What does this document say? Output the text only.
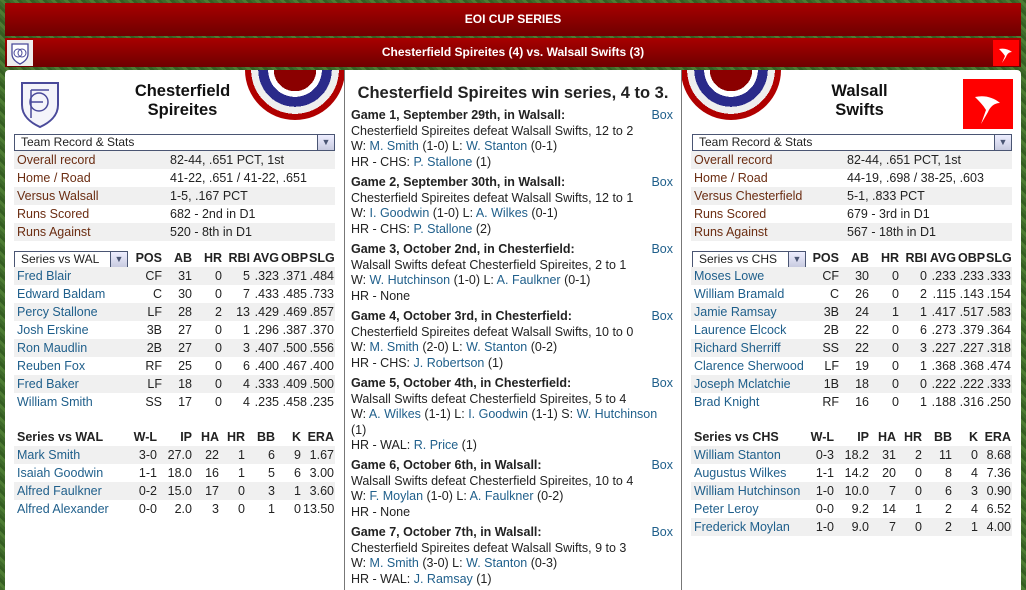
EOI CUP SERIES
Chesterfield Spireites (4) vs. Walsall Swifts (3)
Chesterfield
Spireites
Team Record & Stats	▼
Overall record	82-44, .651 PCT, 1st
Home / Road	41-22, .651 / 41-22, .651
Versus Walsall	1-5, .167 PCT
Runs Scored	682 - 2nd in D1
Runs Against	520 - 8th in D1
Series vs WAL	▼
	POS	AB	HR	RBI	AVG	OBP	SLG
Fred Blair	CF	31	0	5	.323	.371	.484
Edward Baldam	C	30	0	7	.433	.485	.733
Percy Stallone	LF	28	2	13	.429	.469	.857
Josh Erskine	3B	27	0	1	.296	.387	.370
Ron Maudlin	2B	27	0	3	.407	.500	.556
Reuben Fox	RF	25	0	6	.400	.467	.400
Fred Baker	LF	18	0	4	.333	.409	.500
William Smith	SS	17	0	4	.235	.458	.235
Series vs WAL	W-L	IP	HA	HR	BB	K	ERA
Mark Smith	3-0	27.0	22	1	6	9	1.67
Isaiah Goodwin	1-1	18.0	16	1	5	6	3.00
Alfred Faulkner	0-2	15.0	17	0	3	1	3.60
Alfred Alexander	0-0	2.0	3	0	1	0	13.50
Chesterfield Spireites win series, 4 to 3.
Game 1, September 29th, in Walsall:	Box
Chesterfield Spireites defeat Walsall Swifts, 12 to 2
W: M. Smith (1-0) L: W. Stanton (0-1)
HR - CHS: P. Stallone (1)
Game 2, September 30th, in Walsall:	Box
Chesterfield Spireites defeat Walsall Swifts, 12 to 1
W: I. Goodwin (1-0) L: A. Wilkes (0-1)
HR - CHS: P. Stallone (2)
Game 3, October 2nd, in Chesterfield:	Box
Walsall Swifts defeat Chesterfield Spireites, 2 to 1
W: W. Hutchinson (1-0) L: A. Faulkner (0-1)
HR - None
Game 4, October 3rd, in Chesterfield:	Box
Chesterfield Spireites defeat Walsall Swifts, 10 to 0
W: M. Smith (2-0) L: W. Stanton (0-2)
HR - CHS: J. Robertson (1)
Game 5, October 4th, in Chesterfield:	Box
Walsall Swifts defeat Chesterfield Spireites, 5 to 4
W: A. Wilkes (1-1) L: I. Goodwin (1-1) S: W. Hutchinson (1)
HR - WAL: R. Price (1)
Game 6, October 6th, in Walsall:	Box
Walsall Swifts defeat Chesterfield Spireites, 10 to 4
W: F. Moylan (1-0) L: A. Faulkner (0-2)
HR - None
Game 7, October 7th, in Walsall:	Box
Chesterfield Spireites defeat Walsall Swifts, 9 to 3
W: M. Smith (3-0) L: W. Stanton (0-3)
HR - WAL: J. Ramsay (1)
Walsall
Swifts
Team Record & Stats	▼
Overall record	82-44, .651 PCT, 1st
Home / Road	44-19, .698 / 38-25, .603
Versus Chesterfield	5-1, .833 PCT
Runs Scored	679 - 3rd in D1
Runs Against	567 - 18th in D1
Series vs CHS	▼
	POS	AB	HR	RBI	AVG	OBP	SLG
Moses Lowe	CF	30	0	0	.233	.233	.333
William Bramald	C	26	0	2	.115	.143	.154
Jamie Ramsay	3B	24	1	1	.417	.517	.583
Laurence Elcock	2B	22	0	6	.273	.379	.364
Richard Sherriff	SS	22	0	3	.227	.227	.318
Clarence Sherwood	LF	19	0	1	.368	.368	.474
Joseph Mclatchie	1B	18	0	0	.222	.222	.333
Brad Knight	RF	16	0	1	.188	.316	.250
Series vs CHS	W-L	IP	HA	HR	BB	K	ERA
William Stanton	0-3	18.2	31	2	11	0	8.68
Augustus Wilkes	1-1	14.2	20	0	8	4	7.36
William Hutchinson	1-0	10.0	7	0	6	3	0.90
Peter Leroy	0-0	9.2	14	1	2	4	6.52
Frederick Moylan	1-0	9.0	7	0	2	1	4.00
